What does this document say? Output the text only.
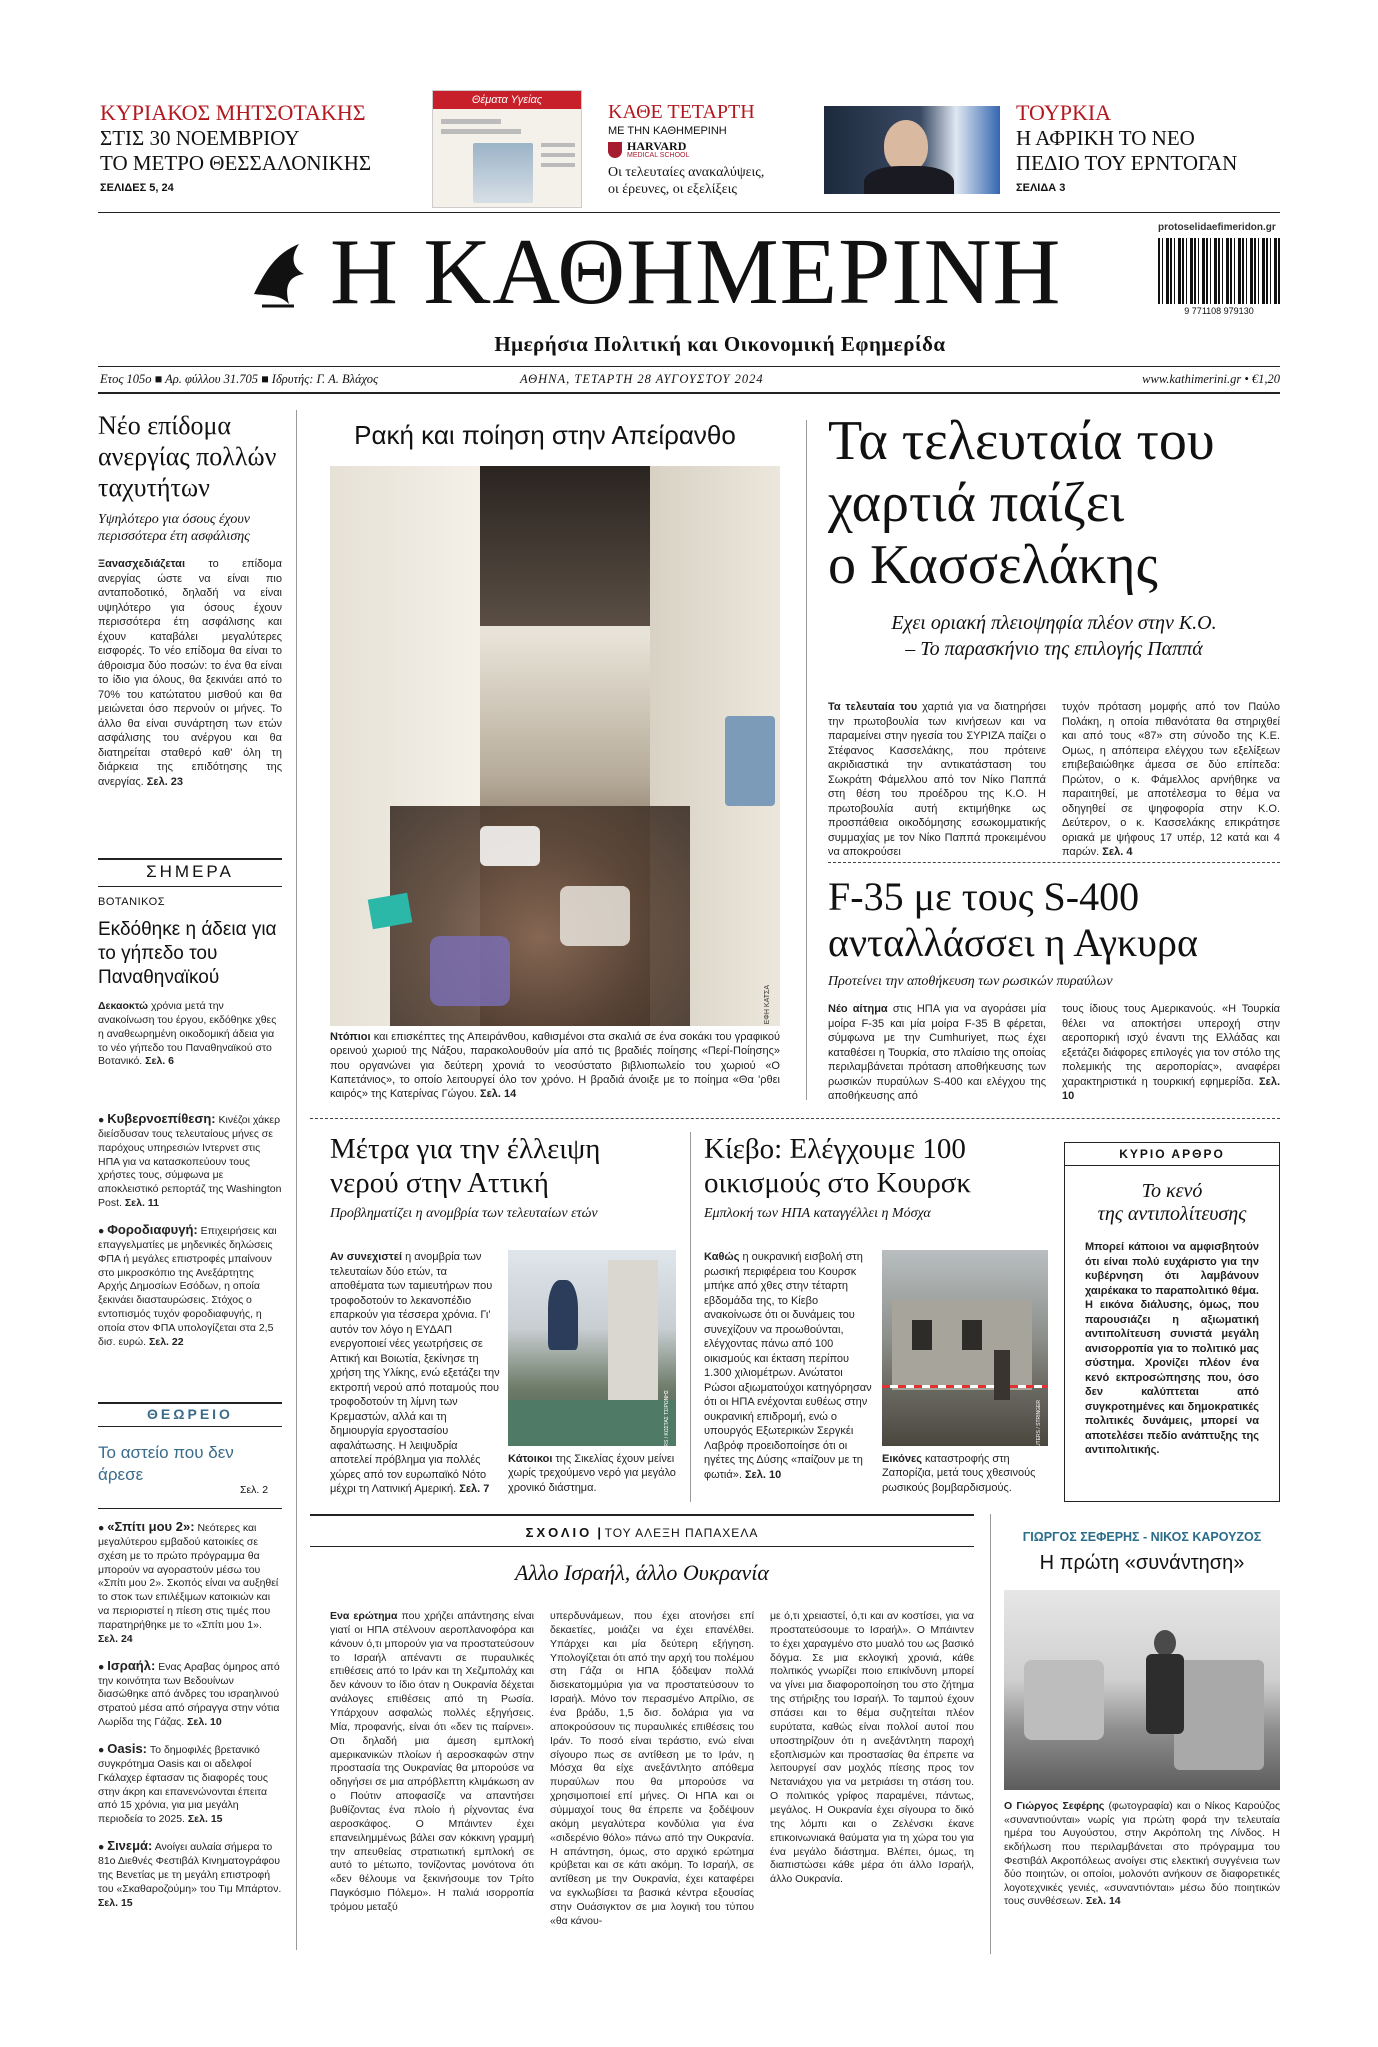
ΚΥΡΙΑΚΟΣ ΜΗΤΣΟΤΑΚΗΣ
ΣΤΙΣ 30 ΝΟΕΜΒΡΙΟΥ
ΤΟ ΜΕΤΡΟ ΘΕΣΣΑΛΟΝΙΚΗΣ
ΣΕΛΙΔΕΣ 5, 24
Θέματα Υγείας
ΚΑΘΕ ΤΕΤΑΡΤΗ
ΜΕ ΤΗΝ ΚΑΘΗΜΕΡΙΝΗ
HARVARD
MEDICAL SCHOOL
Οι τελευταίες ανακαλύψεις,
οι έρευνες, οι εξελίξεις
ΤΟΥΡΚΙΑ
Η ΑΦΡΙΚΗ ΤΟ ΝΕΟ
ΠΕΔΙΟ ΤΟΥ ΕΡΝΤΟΓΑΝ
ΣΕΛΙΔΑ 3
Η ΚΑΘΗΜΕΡΙΝΗ	protoselidaefimeridon.gr
9 771108 979130
Ημερήσια Πολιτική και Οικονομική Εφημερίδα
Ετος 105ο ■ Αρ. φύλλου 31.705 ■ Ιδρυτής: Γ. Α. Βλάχος	ΑΘΗΝΑ, ΤΕΤΑΡΤΗ 28 ΑΥΓΟΥΣΤΟΥ 2024	www.kathimerini.gr • €1,20
Νέο επίδομα ανεργίας πολλών ταχυτήτων
Υψηλότερο για όσους έχουν περισσότερα έτη ασφάλισης

Ξανασχεδιάζεται το επίδομα ανεργίας ώστε να είναι πιο ανταποδοτικό, δηλαδή να είναι υψηλότερο για όσους έχουν περισσότερα έτη ασφάλισης και έχουν καταβάλει μεγαλύτερες εισφορές. Το νέο επίδομα θα είναι το άθροισμα δύο ποσών: το ένα θα είναι το ίδιο για όλους, θα ξεκινάει από το 70% του κατώτατου μισθού και θα μειώνεται όσο περνούν οι μήνες. Το άλλο θα είναι συνάρτηση των ετών ασφάλισης του ανέργου και θα διατηρείται σταθερό καθ' όλη τη διάρκεια της επιδότησης της ανεργίας. Σελ. 23

ΣΗΜΕΡΑ
ΒΟΤΑΝΙΚΟΣ
Εκδόθηκε η άδεια για το γήπεδο του Παναθηναϊκού

Δεκαοκτώ χρόνια μετά την ανακοίνωση του έργου, εκδόθηκε χθες η αναθεωρημένη οικοδομική άδεια για το νέο γήπεδο του Παναθηναϊκού στο Βοτανικό. Σελ. 6

● Κυβερνοεπίθεση: Κινέζοι χάκερ διείσδυσαν τους τελευταίους μήνες σε παρόχους υπηρεσιών Ιντερνετ στις ΗΠΑ για να κατασκοπεύουν τους χρήστες τους, σύμφωνα με αποκλειστικό ρεπορτάζ της Washington Post. Σελ. 11

● Φοροδιαφυγή: Επιχειρήσεις και επαγγελματίες με μηδενικές δηλώσεις ΦΠΑ ή μεγάλες επιστροφές μπαίνουν στο μικροσκόπιο της Ανεξάρτητης Αρχής Δημοσίων Εσόδων, η οποία ξεκινάει διασταυρώσεις. Στόχος ο εντοπισμός τυχόν φοροδιαφυγής, η οποία στον ΦΠΑ υπολογίζεται στα 2,5 δισ. ευρώ. Σελ. 22

ΘΕΩΡΕΙΟ
Το αστείο που δεν άρεσε
Σελ. 2

● «Σπίτι μου 2»: Νεότερες και μεγαλύτερου εμβαδού κατοικίες σε σχέση με το πρώτο πρόγραμμα θα μπορούν να αγοραστούν μέσω του «Σπίτι μου 2». Σκοπός είναι να αυξηθεί το στοκ των επιλέξιμων κατοικιών και να περιοριστεί η πίεση στις τιμές που παρατηρήθηκε με το «Σπίτι μου 1». Σελ. 24

● Ισραήλ: Ενας Αραβας όμηρος από την κοινότητα των Βεδουίνων διασώθηκε από άνδρες του ισραηλινού στρατού μέσα από σήραγγα στην νότια Λωρίδα της Γάζας. Σελ. 10

● Oasis: Το δημοφιλές βρετανικό συγκρότημα Oasis και οι αδελφοί Γκάλαχερ έφτασαν τις διαφορές τους στην άκρη και επανενώνονται έπειτα από 15 χρόνια, για μια μεγάλη περιοδεία το 2025. Σελ. 15

● Σινεμά: Ανοίγει αυλαία σήμερα το 81ο Διεθνές Φεστιβάλ Κινηματογράφου της Βενετίας με τη μεγάλη επιστροφή του «Σκαθαροζούμη» του Τιμ Μπάρτον. Σελ. 15

Ρακή και ποίηση στην Απείρανθο
ΕΦΗ ΚΑΤΣΑ

Ντόπιοι και επισκέπτες της Απειράνθου, καθισμένοι στα σκαλιά σε ένα σοκάκι του γραφικού ορεινού χωριού της Νάξου, παρακολουθούν μία από τις βραδιές ποίησης «Περί-Ποίησης» που οργανώνει για δεύτερη χρονιά το νεοσύστατο βιβλιοπωλείο του χωριού «Ο Καπετάνιος», το οποίο λειτουργεί όλο τον χρόνο. Η βραδιά άνοιξε με το ποίημα «Θα 'ρθει καιρός» της Κατερίνας Γώγου. Σελ. 14

Τα τελευταία του
χαρτιά παίζει
ο Κασσελάκης
Εχει οριακή πλειοψηφία πλέον στην Κ.Ο.
– Το παρασκήνιο της επιλογής Παππά

Τα τελευταία του χαρτιά για να διατηρήσει την πρωτοβουλία των κινήσεων και να παραμείνει στην ηγεσία του ΣΥΡΙΖΑ παίζει ο Στέφανος Κασσελάκης, που πρότεινε ακριδιαστικά την αντικατάσταση του Σωκράτη Φάμελλου από τον Νίκο Παππά στη θέση του προέδρου της Κ.Ο. Η πρωτοβουλία αυτή εκτιμήθηκε ως προσπάθεια οικοδόμησης εσωκομματικής συμμαχίας με τον Νίκο Παππά προκειμένου να αποκρούσει

τυχόν πρόταση μομφής από τον Παύλο Πολάκη, η οποία πιθανότατα θα στηριχθεί και από τους «87» στη σύνοδο της Κ.Ε. Ομως, η απόπειρα ελέγχου των εξελίξεων επιβεβαιώθηκε άμεσα σε δύο επίπεδα: Πρώτον, ο κ. Φάμελλος αρνήθηκε να παραιτηθεί, με αποτέλεσμα το θέμα να οδηγηθεί σε ψηφοφορία στην Κ.Ο. Δεύτερον, ο κ. Κασσελάκης επικράτησε οριακά με ψήφους 17 υπέρ, 12 κατά και 4 παρών. Σελ. 4

F-35 με τους S-400
ανταλλάσσει η Αγκυρα
Προτείνει την αποθήκευση των ρωσικών πυραύλων

Νέο αίτημα στις ΗΠΑ για να αγοράσει μία μοίρα F-35 και μία μοίρα F-35 Β φέρεται, σύμφωνα με την Cumhuriyet, πως έχει καταθέσει η Τουρκία, στο πλαίσιο της οποίας περιλαμβάνεται πρόταση αποθήκευσης των ρωσικών πυραύλων S-400 και ελέγχου της αποθήκευσης από

τους ίδιους τους Αμερικανούς. «Η Τουρκία θέλει να αποκτήσει υπεροχή στην αεροπορική ισχύ έναντι της Ελλάδας και εξετάζει διάφορες επιλογές για τον στόλο της πολεμικής της αεροπορίας», αναφέρει χαρακτηριστικά η τουρκική εφημερίδα. Σελ. 10

Μέτρα για την έλλειψη
νερού στην Αττική
Προβληματίζει η ανομβρία των τελευταίων ετών

Αν συνεχιστεί η ανομβρία των τελευταίων δύο ετών, τα αποθέματα των ταμιευτήρων που τροφοδοτούν το λεκανοπέδιο επαρκούν για τέσσερα χρόνια. Γι' αυτόν τον λόγο η ΕΥΔΑΠ ενεργοποιεί νέες γεωτρήσεις σε Αττική και Βοιωτία, ξεκίνησε τη χρήση της Υλίκης, ενώ εξετάζει την εκτροπή νερού από ποταμούς που τροφοδοτούν τη λίμνη των Κρεμαστών, αλλά και τη δημιουργία εργοστασίου αφαλάτωσης. Η λειψυδρία αποτελεί πρόβλημα για πολλές χώρες από τον ευρωπαϊκό Νότο μέχρι τη Λατινική Αμερική. Σελ. 7

REUTERS / ΚΩΣΤΑΣ ΤΣΙΡΩΝΗΣ

Κάτοικοι της Σικελίας έχουν μείνει χωρίς τρεχούμενο νερό για μεγάλο χρονικό διάστημα.

Κίεβο: Ελέγχουμε 100
οικισμούς στο Κουρσκ
Εμπλοκή των ΗΠΑ καταγγέλλει η Μόσχα

Καθώς η ουκρανική εισβολή στη ρωσική περιφέρεια του Κουρσκ μπήκε από χθες στην τέταρτη εβδομάδα της, το Κίεβο ανακοίνωσε ότι οι δυνάμεις του συνεχίζουν να προωθούνται, ελέγχοντας πάνω από 100 οικισμούς και έκταση περίπου 1.300 χιλιομέτρων. Ανώτατοι Ρώσοι αξιωματούχοι κατηγόρησαν ότι οι ΗΠΑ ενέχονται ευθέως στην ουκρανική επιδρομή, ενώ ο υπουργός Εξωτερικών Σεργκέι Λαβρόφ προειδοποίησε ότι οι ηγέτες της Δύσης «παίζουν με τη φωτιά». Σελ. 10

REUTERS / STRINGER

Εικόνες καταστροφής στη Ζαπορίζια, μετά τους χθεσινούς ρωσικούς βομβαρδισμούς.

ΚΥΡΙΟ ΑΡΘΡΟ
Το κενό
της αντιπολίτευσης

Μπορεί κάποιοι να αμφισβητούν ότι είναι πολύ ευχάριστο για την κυβέρνηση ότι λαμβάνουν χαιρέκακα το παραπολιτικό θέμα. Η εικόνα διάλυσης, όμως, που παρουσιάζει η αξιωματική αντιπολίτευση συνιστά μεγάλη ανισορροπία για το πολιτικό μας σύστημα. Χρονίζει πλέον ένα κενό εκπροσώπησης που, όσο δεν καλύπτεται από συγκροτημένες και δημοκρατικές πολιτικές δυνάμεις, μπορεί να αποτελέσει πεδίο ανάπτυξης της αντιπολιτικής.

ΣΧΟΛΙΟ | ΤΟΥ ΑΛΕΞΗ ΠΑΠΑΧΕΛΑ
Αλλο Ισραήλ, άλλο Ουκρανία

Ενα ερώτημα που χρήζει απάντησης είναι γιατί οι ΗΠΑ στέλνουν αεροπλανοφόρα και κάνουν ό,τι μπορούν για να προστατεύσουν το Ισραήλ απέναντι σε πυραυλικές επιθέσεις από το Ιράν και τη Χεζμπολάχ και δεν κάνουν το ίδιο όταν η Ουκρανία δέχεται ανάλογες επιθέσεις από τη Ρωσία. Υπάρχουν ασφαλώς πολλές εξηγήσεις. Μία, προφανής, είναι ότι «δεν τις παίρνει». Οτι δηλαδή μια άμεση εμπλοκή αμερικανικών πλοίων ή αεροσκαφών στην προστασία της Ουκρανίας θα μπορούσε να οδηγήσει σε μια απρόβλεπτη κλιμάκωση αν ο Πούτιν αποφασίζε να απαντήσει βυθίζοντας ένα πλοίο ή ρίχνοντας ένα αεροσκάφος. Ο Μπάιντεν έχει επανειλημμένως βάλει σαν κόκκινη γραμμή την απευθείας στρατιωτική εμπλοκή σε αυτό το μέτωπο, τονίζοντας μονότονα ότι «δεν θέλουμε να ξεκινήσουμε τον Τρίτο Παγκόσμιο Πόλεμο». Η παλιά ισορροπία τρόμου μεταξύ

υπερδυνάμεων, που έχει ατονήσει επί δεκαετίες, μοιάζει να έχει επανέλθει. Υπάρχει και μία δεύτερη εξήγηση. Υπολογίζεται ότι από την αρχή του πολέμου στη Γάζα οι ΗΠΑ ξόδεψαν πολλά δισεκατομμύρια για να προστατεύσουν το Ισραήλ. Μόνο τον περασμένο Απρίλιο, σε ένα βράδυ, 1,5 δισ. δολάρια για να αποκρούσουν τις πυραυλικές επιθέσεις του Ιράν. Το ποσό είναι τεράστιο, ενώ είναι σίγουρο πως σε αντίθεση με το Ιράν, η Μόσχα θα είχε ανεξάντλητο απόθεμα πυραύλων που θα μπορούσε να χρησιμοποιεί επί μήνες. Οι ΗΠΑ και οι σύμμαχοί τους θα έπρεπε να ξοδέψουν ακόμη μεγαλύτερα κονδύλια για ένα «σιδερένιο θόλο» πάνω από την Ουκρανία. Η απάντηση, όμως, στο αρχικό ερώτημα κρύβεται και σε κάτι ακόμη. Το Ισραήλ, σε αντίθεση με την Ουκρανία, έχει καταφέρει να εγκλωβίσει τα βασικά κέντρα εξουσίας στην Ουάσιγκτον σε μια λογική του τύπου «θα κάνου-

με ό,τι χρειαστεί, ό,τι και αν κοστίσει, για να προστατεύσουμε το Ισραήλ». Ο Μπάιντεν το έχει χαραγμένο στο μυαλό του ως βασικό δόγμα. Σε μια εκλογική χρονιά, κάθε πολιτικός γνωρίζει ποιο επικίνδυνη μπορεί να γίνει μια διαφοροποίηση του στο ζήτημα της στήριξης του Ισραήλ. Το ταμπού έχουν σπάσει και το θέμα συζητείται πλέον ευρύτατα, καθώς είναι πολλοί αυτοί που υποστηρίζουν ότι η ανεξάντλητη παροχή εξοπλισμών και προστασίας θα έπρεπε να λειτουργεί σαν μοχλός πίεσης προς τον Νετανιάχου για να μετριάσει τη στάση του. Ο πολιτικός γρίφος παραμένει, πάντως, μεγάλος. Η Ουκρανία έχει σίγουρα το δικό της λόμπι και ο Ζελένσκι έκανε επικοινωνιακά θαύματα για τη χώρα του για ένα μεγάλο διάστημα. Βλέπει, όμως, τη διαπιστώσει κάθε μέρα ότι άλλο Ισραήλ, άλλο Ουκρανία.

ΓΙΩΡΓΟΣ ΣΕΦΕΡΗΣ - ΝΙΚΟΣ ΚΑΡΟΥΖΟΣ
Η πρώτη «συνάντηση»

Ο Γιώργος Σεφέρης (φωτογραφία) και ο Νίκος Καρούζος «συναντιούνται» νωρίς για πρώτη φορά την τελευταία ημέρα του Αυγούστου, στην Ακρόπολη της Λίνδος. Η εκδήλωση που περιλαμβάνεται στο πρόγραμμα του Φεστιβάλ Ακροπόλεως ανοίγει στις ελεκτική συγγένεια των δύο ποιητών, οι οποίοι, μολονότι ανήκουν σε διαφορετικές λογοτεχνικές γενιές, «συναντιόνται» μέσω δύο ποιητικών τους συνθέσεων. Σελ. 14
